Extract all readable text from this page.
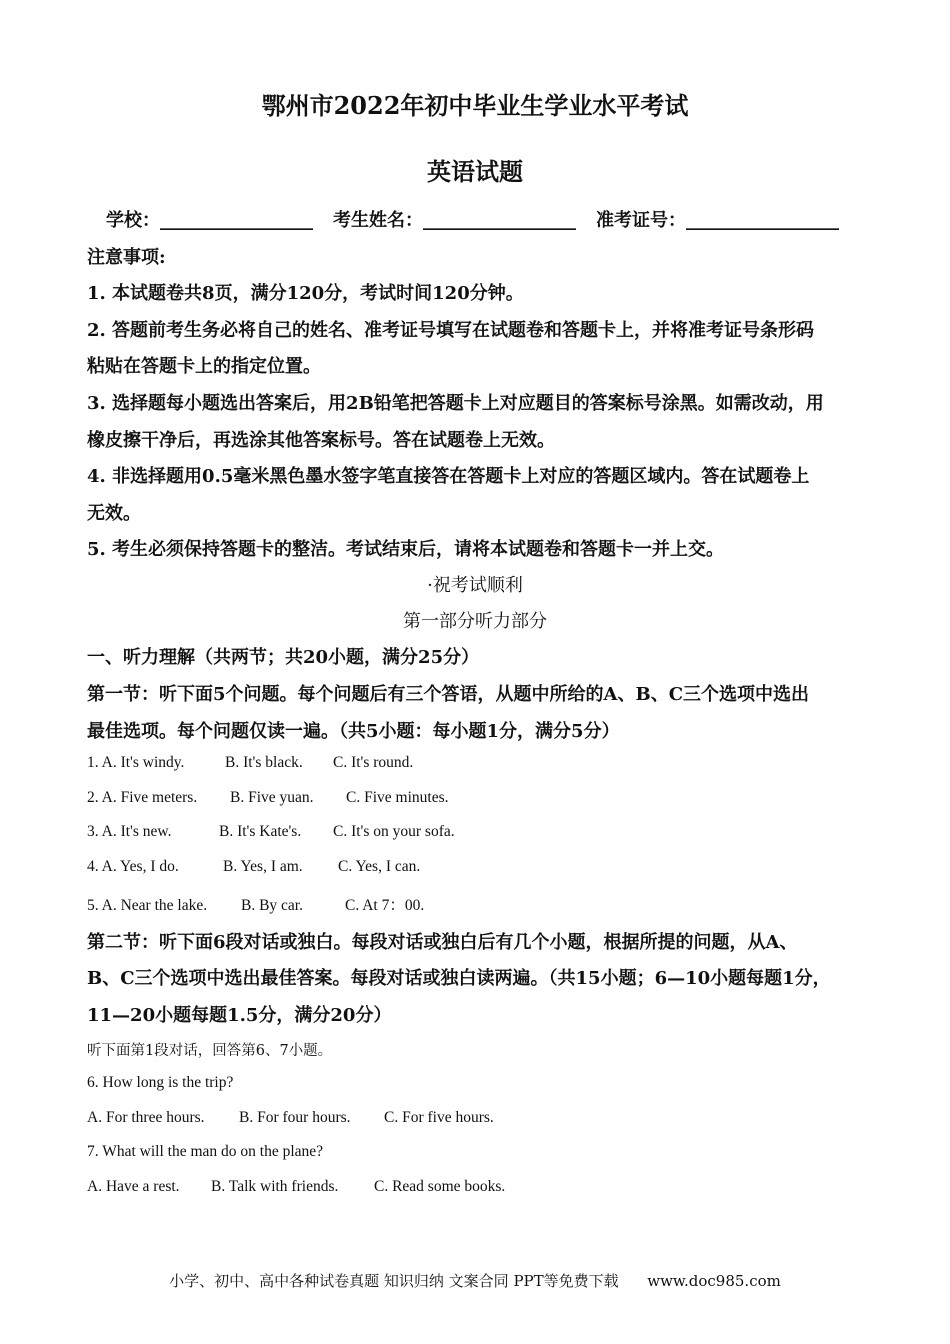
鄂州市2022年初中毕业生学业水平考试
英语试题
学校：_________________ 考生姓名：_________________ 准考证号：_________________
注意事项:
1. 本试题卷共8页，满分120分，考试时间120分钟。
2. 答题前考生务必将自己的姓名、准考证号填写在试题卷和答题卡上，并将准考证号条形码
粘贴在答题卡上的指定位置。
3. 选择题每小题选出答案后，用2B铅笔把答题卡上对应题目的答案标号涂黑。如需改动，用
橡皮擦干净后，再选涂其他答案标号。答在试题卷上无效。
4. 非选择题用0.5毫米黑色墨水签字笔直接答在答题卡上对应的答题区域内。答在试题卷上
无效。
5. 考生必须保持答题卡的整洁。考试结束后，请将本试题卷和答题卡一并上交。
·祝考试顺利
第一部分听力部分
一、听力理解（共两节；共20小题，满分25分）
第一节：听下面5个问题。每个问题后有三个答语，从题中所给的A、B、C三个选项中选出
最佳选项。每个问题仅读一遍。（共5小题：每小题1分，满分5分）
1. A. It's windy.	B. It's black. C. It's round.
2. A. Five meters. B. Five yuan. C. Five minutes.
3. A. It's new.	B. It's Kate's. C. It's on your sofa.
4. A. Yes, I do.	B. Yes, I am. C. Yes, I can.
5. A. Near the lake. B. By car.	C. At 7：00.
第二节：听下面6段对话或独白。每段对话或独白后有几个小题，根据所提的问题，从A、
B、C三个选项中选出最佳答案。每段对话或独白读两遍。（共15小题；6—10小题每题1分，
11—20小题每题1.5分，满分20分）
听下面第1段对话，回答第6、7小题。
6. How long is the trip?
A. For three hours. B. For four hours. C. For five hours.
7. What will the man do on the plane?
A. Have a rest. B. Talk with friends. C. Read some books.
小学、初中、高中各种试卷真题 知识归纳 文案合同 PPT等免费下载 www.doc985.com
